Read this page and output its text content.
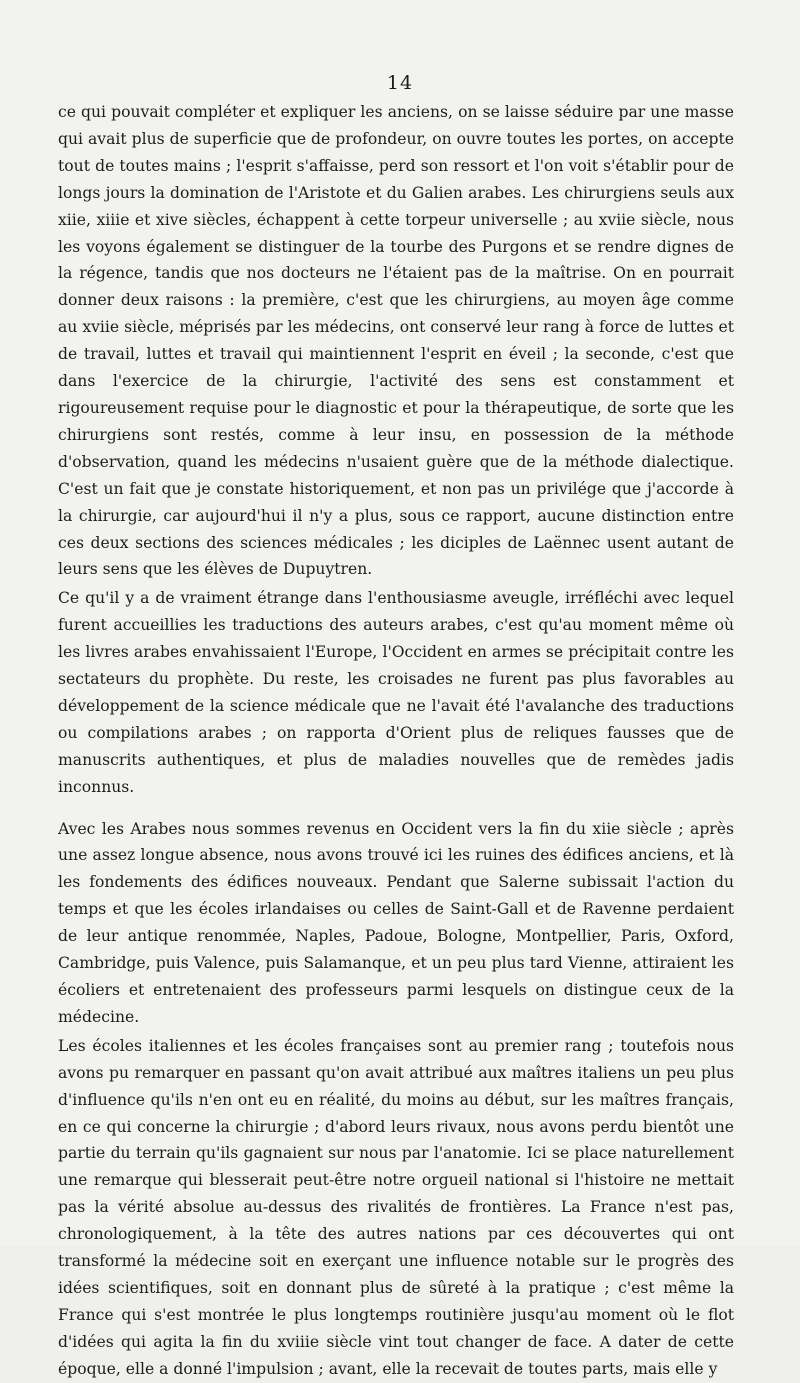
14

ce qui pouvait compléter et expliquer les anciens, on se laisse séduire par une masse qui avait plus de superficie que de profondeur, on ouvre toutes les portes, on accepte tout de toutes mains ; l'esprit s'affaisse, perd son ressort et l'on voit s'établir pour de longs jours la domination de l'Aristote et du Galien arabes. Les chirurgiens seuls aux xiie, xiiie et xive siècles, échappent à cette torpeur universelle ; au xviie siècle, nous les voyons également se distinguer de la tourbe des Purgons et se rendre dignes de la régence, tandis que nos docteurs ne l'étaient pas de la maîtrise. On en pourrait donner deux raisons : la première, c'est que les chirurgiens, au moyen âge comme au xviie siècle, méprisés par les médecins, ont conservé leur rang à force de luttes et de travail, luttes et travail qui maintiennent l'esprit en éveil ; la seconde, c'est que dans l'exercice de la chirurgie, l'activité des sens est constamment et rigoureusement requise pour le diagnostic et pour la thérapeutique, de sorte que les chirurgiens sont restés, comme à leur insu, en possession de la méthode d'observation, quand les médecins n'usaient guère que de la méthode dialectique. C'est un fait que je constate historiquement, et non pas un privilége que j'accorde à la chirurgie, car aujourd'hui il n'y a plus, sous ce rapport, aucune distinction entre ces deux sections des sciences médicales ; les diciples de Laënnec usent autant de leurs sens que les élèves de Dupuytren.

Ce qu'il y a de vraiment étrange dans l'enthousiasme aveugle, irréfléchi avec lequel furent accueillies les traductions des auteurs arabes, c'est qu'au moment même où les livres arabes envahissaient l'Europe, l'Occident en armes se précipitait contre les sectateurs du prophète. Du reste, les croisades ne furent pas plus favorables au développement de la science médicale que ne l'avait été l'avalanche des traductions ou compilations arabes ; on rapporta d'Orient plus de reliques fausses que de manuscrits authentiques, et plus de maladies nouvelles que de remèdes jadis inconnus.

Avec les Arabes nous sommes revenus en Occident vers la fin du xiie siècle ; après une assez longue absence, nous avons trouvé ici les ruines des édifices anciens, et là les fondements des édifices nouveaux. Pendant que Salerne subissait l'action du temps et que les écoles irlandaises ou celles de Saint-Gall et de Ravenne perdaient de leur antique renommée, Naples, Padoue, Bologne, Montpellier, Paris, Oxford, Cambridge, puis Valence, puis Salamanque, et un peu plus tard Vienne, attiraient les écoliers et entretenaient des professeurs parmi lesquels on distingue ceux de la médecine.

Les écoles italiennes et les écoles françaises sont au premier rang ; toutefois nous avons pu remarquer en passant qu'on avait attribué aux maîtres italiens un peu plus d'influence qu'ils n'en ont eu en réalité, du moins au début, sur les maîtres français, en ce qui concerne la chirurgie ; d'abord leurs rivaux, nous avons perdu bientôt une partie du terrain qu'ils gagnaient sur nous par l'anatomie. Ici se place naturellement une remarque qui blesserait peut-être notre orgueil national si l'histoire ne mettait pas la vérité absolue au-dessus des rivalités de frontières. La France n'est pas, chronologiquement, à la tête des autres nations par ces découvertes qui ont transformé la médecine soit en exerçant une influence notable sur le progrès des idées scientifiques, soit en donnant plus de sûreté à la pratique ; c'est même la France qui s'est montrée le plus longtemps routinière jusqu'au moment où le flot d'idées qui agita la fin du xviiie siècle vint tout changer de face. A dater de cette époque, elle a donné l'impulsion ; avant, elle la recevait de toutes parts, mais elle y
